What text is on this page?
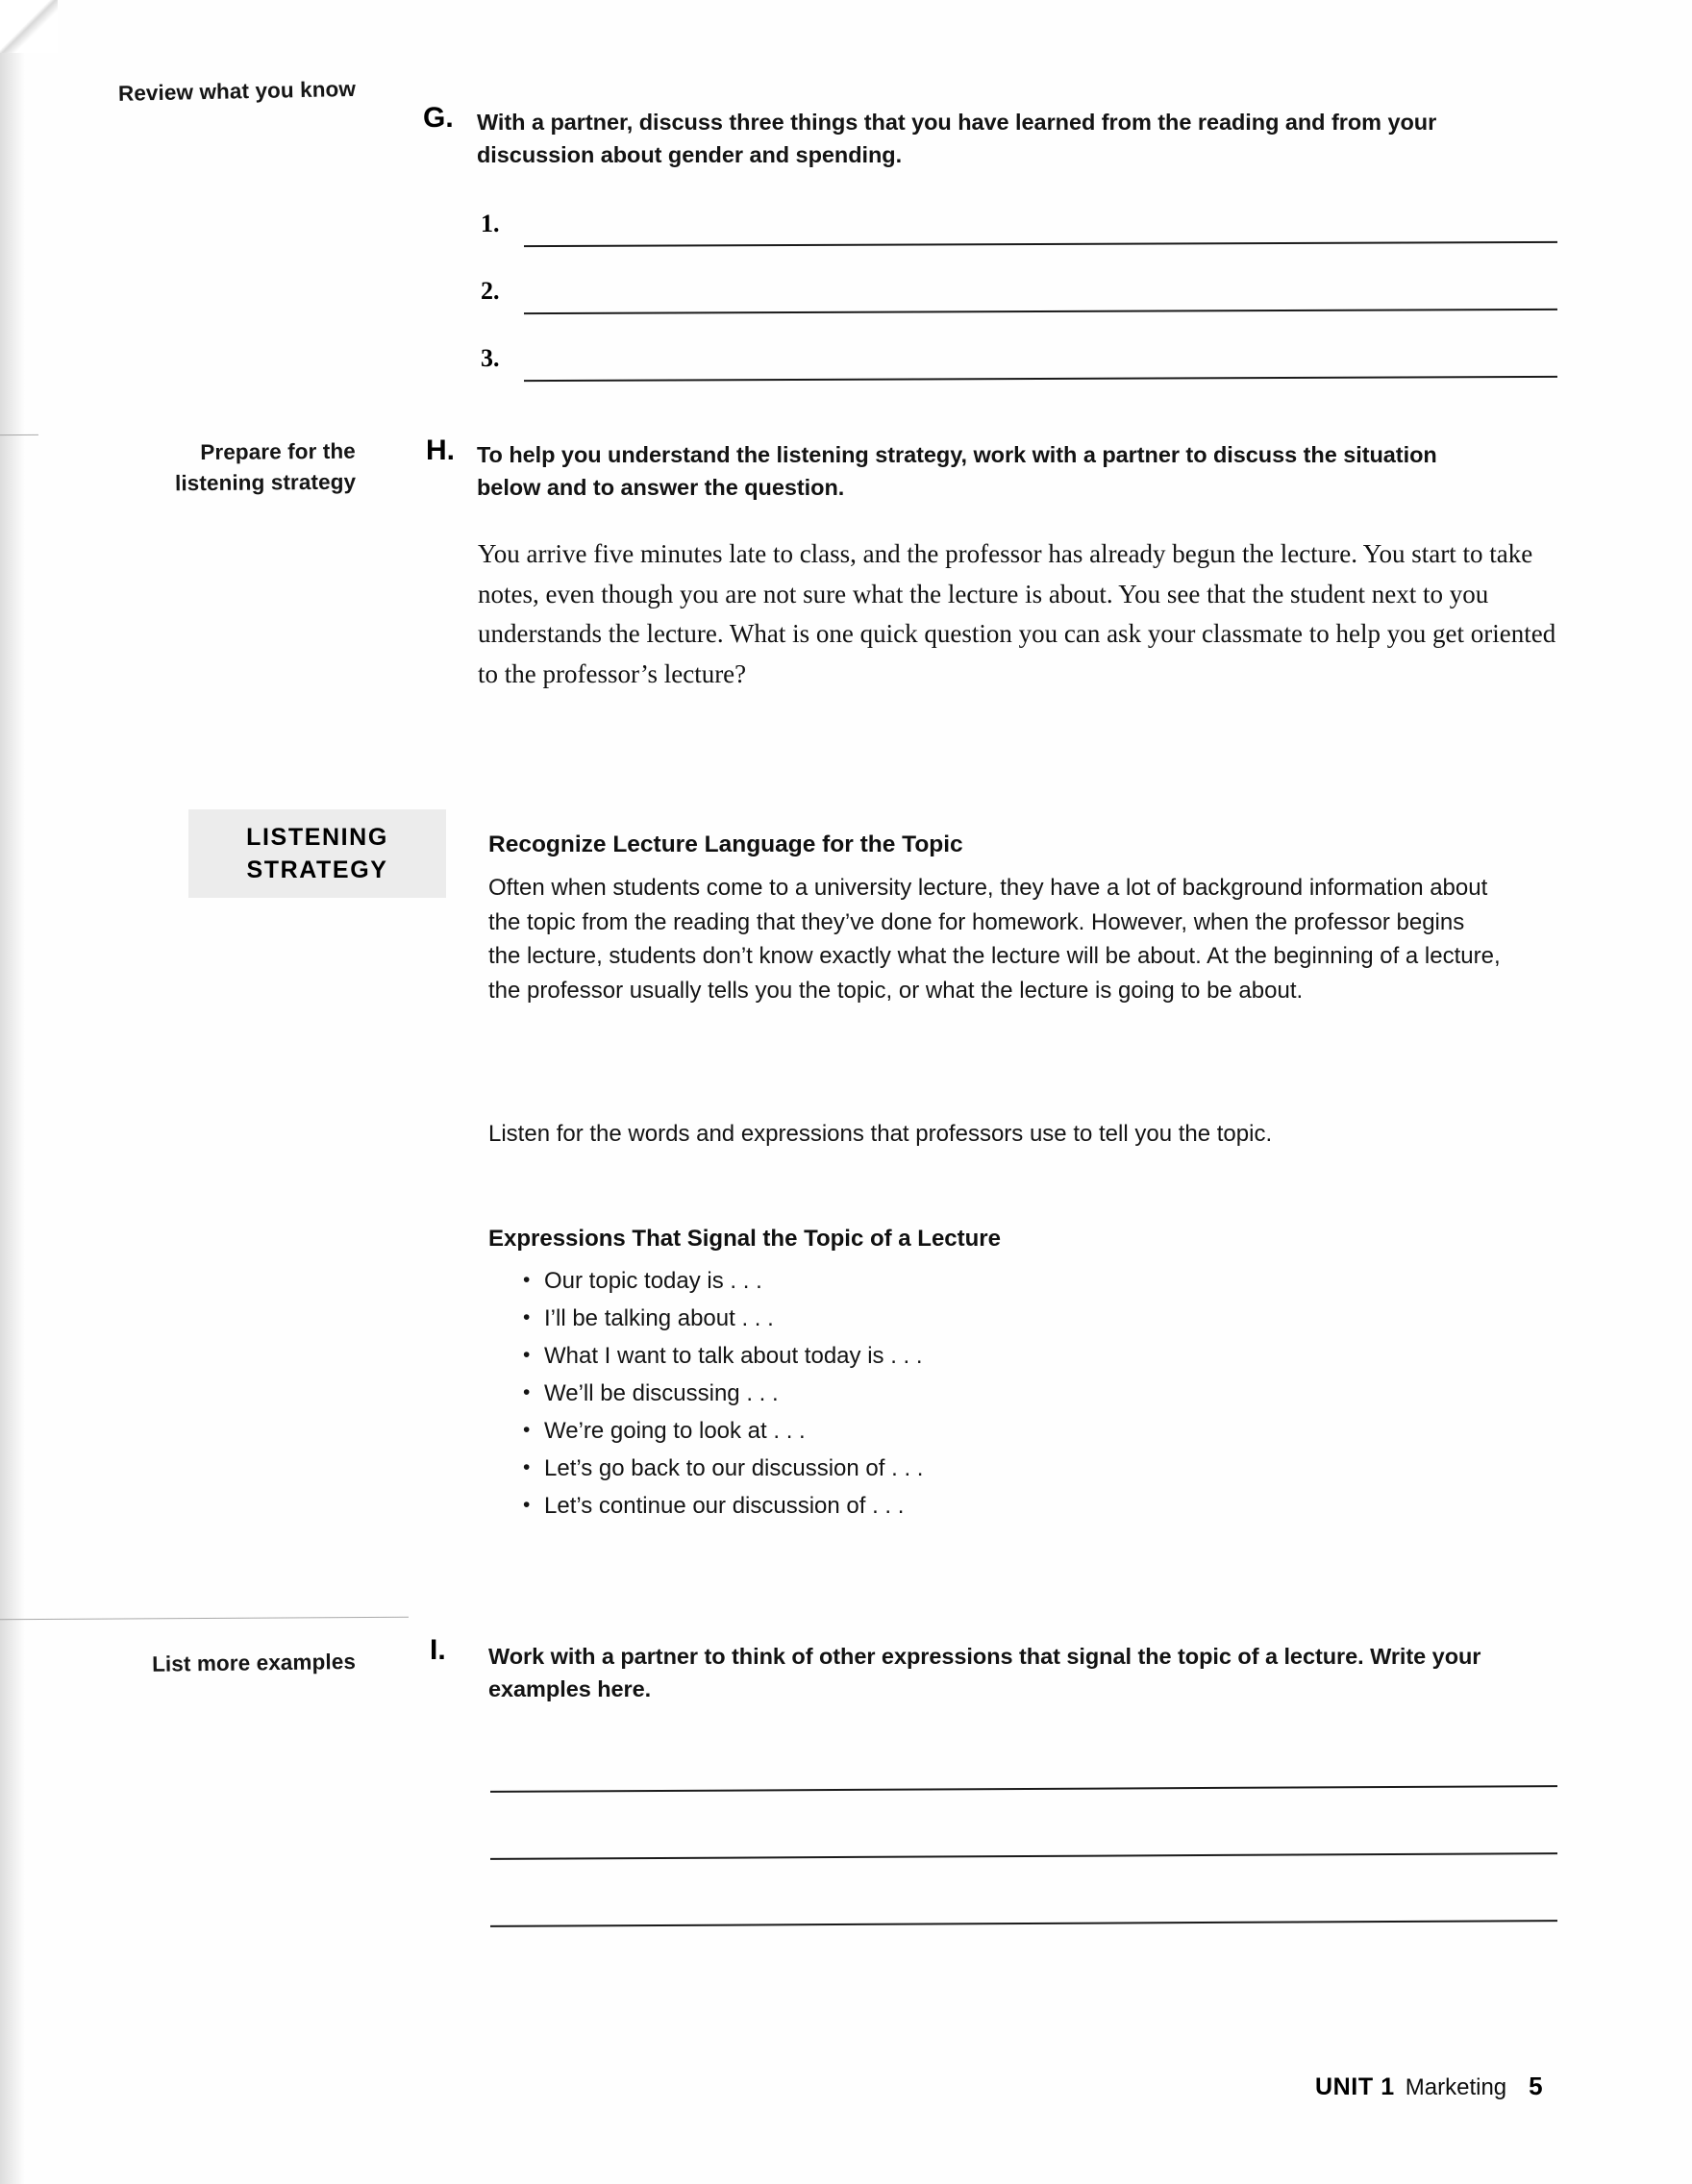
Review what you know
G. With a partner, discuss three things that you have learned from the reading and from your discussion about gender and spending.
1.
2.
3.
Prepare for the
listening strategy
H. To help you understand the listening strategy, work with a partner to discuss the situation below and to answer the question.
You arrive five minutes late to class, and the professor has already begun the lecture. You start to take notes, even though you are not sure what the lecture is about. You see that the student next to you understands the lecture. What is one quick question you can ask your classmate to help you get oriented to the professor’s lecture?
LISTENING
STRATEGY
Recognize Lecture Language for the Topic
Often when students come to a university lecture, they have a lot of background information about the topic from the reading that they’ve done for homework. However, when the professor begins the lecture, students don’t know exactly what the lecture will be about. At the beginning of a lecture, the professor usually tells you the topic, or what the lecture is going to be about.
Listen for the words and expressions that professors use to tell you the topic.
Expressions That Signal the Topic of a Lecture
• Our topic today is . . .
• I’ll be talking about . . .
• What I want to talk about today is . . .
• We’ll be discussing . . .
• We’re going to look at . . .
• Let’s go back to our discussion of . . .
• Let’s continue our discussion of . . .
List more examples	I. Work with a partner to think of other expressions that signal the topic of a lecture. Write your examples here.
UNIT 1 Marketing 5
